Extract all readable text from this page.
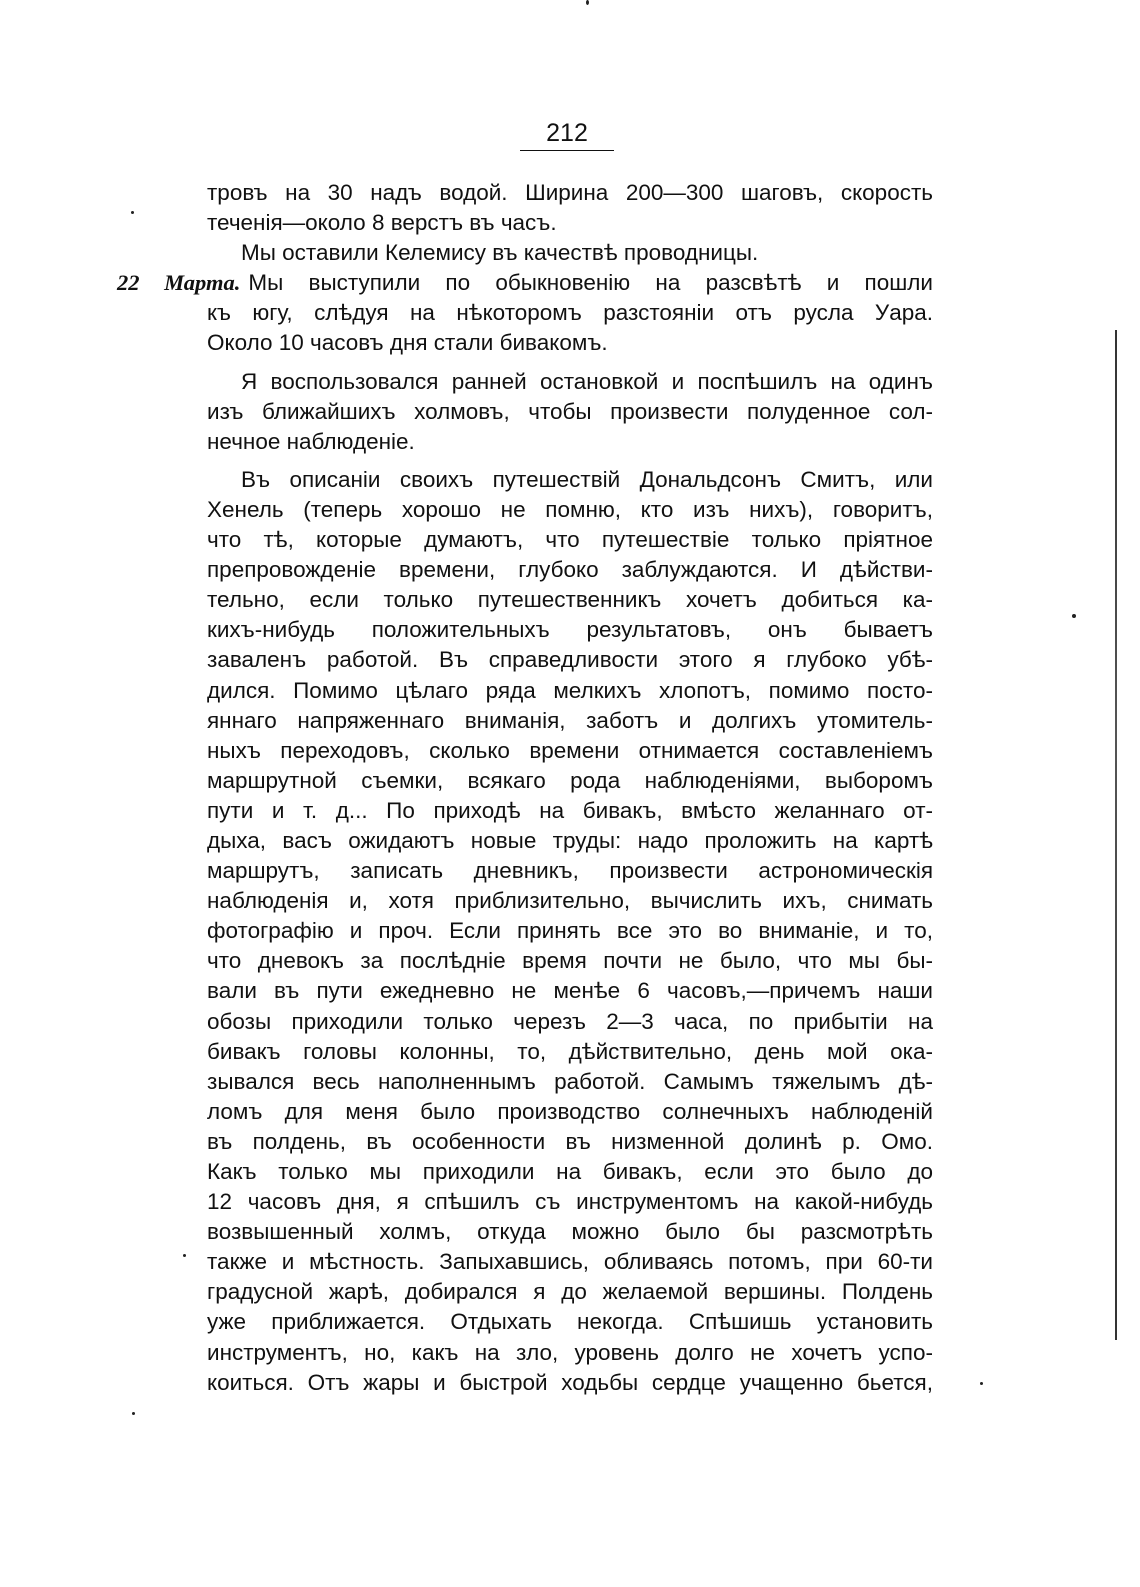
212
тровъ на 30 надъ водой. Ширина 200—300 шаговъ, скорость
теченія—около 8 верстъ въ часъ.
Мы оставили Келемису въ качествѣ проводницы.
22 Марта. Мы выступили по обыкновенію на разсвѣтѣ и пошли
къ югу, слѣдуя на нѣкоторомъ разстояніи отъ русла Уара.
Около 10 часовъ дня стали бивакомъ.
Я воспользовался ранней остановкой и поспѣшилъ на одинъ
изъ ближайшихъ холмовъ, чтобы произвести полуденное сол-
нечное наблюденіе.
Въ описаніи своихъ путешествій Дональдсонъ Смитъ, или
Хенель (теперь хорошо не помню, кто изъ нихъ), говоритъ,
что тѣ, которые думаютъ, что путешествіе только пріятное
препровожденіе времени, глубоко заблуждаются. И дѣйстви-
тельно, если только путешественникъ хочетъ добиться ка-
кихъ-нибудь положительныхъ результатовъ, онъ бываетъ
заваленъ работой. Въ справедливости этого я глубоко убѣ-
дился. Помимо цѣлаго ряда мелкихъ хлопотъ, помимо посто-
яннаго напряженнаго вниманія, заботъ и долгихъ утомитель-
ныхъ переходовъ, сколько времени отнимается составленіемъ
маршрутной съемки, всякаго рода наблюденіями, выборомъ
пути и т. д... По приходѣ на бивакъ, вмѣсто желаннаго от-
дыха, васъ ожидаютъ новые труды: надо проложить на картѣ
маршрутъ, записать дневникъ, произвести астрономическія
наблюденія и, хотя приблизительно, вычислить ихъ, снимать
фотографію и проч. Если принять все это во вниманіе, и то,
что дневокъ за послѣдніе время почти не было, что мы бы-
вали въ пути ежедневно не менѣе 6 часовъ,—причемъ наши
обозы приходили только черезъ 2—3 часа, по прибытіи на
бивакъ головы колонны, то, дѣйствительно, день мой ока-
зывался весь наполненнымъ работой. Самымъ тяжелымъ дѣ-
ломъ для меня было производство солнечныхъ наблюденій
въ полдень, въ особенности въ низменной долинѣ р. Омо.
Какъ только мы приходили на бивакъ, если это было до
12 часовъ дня, я спѣшилъ съ инструментомъ на какой-нибудь
возвышенный холмъ, откуда можно было бы разсмотрѣть
также и мѣстность. Запыхавшись, обливаясь потомъ, при 60-ти
градусной жарѣ, добирался я до желаемой вершины. Полдень
уже приближается. Отдыхать некогда. Спѣшишь установить
инструментъ, но, какъ на зло, уровень долго не хочетъ успо-
коиться. Отъ жары и быстрой ходьбы сердце учащенно бьется,
